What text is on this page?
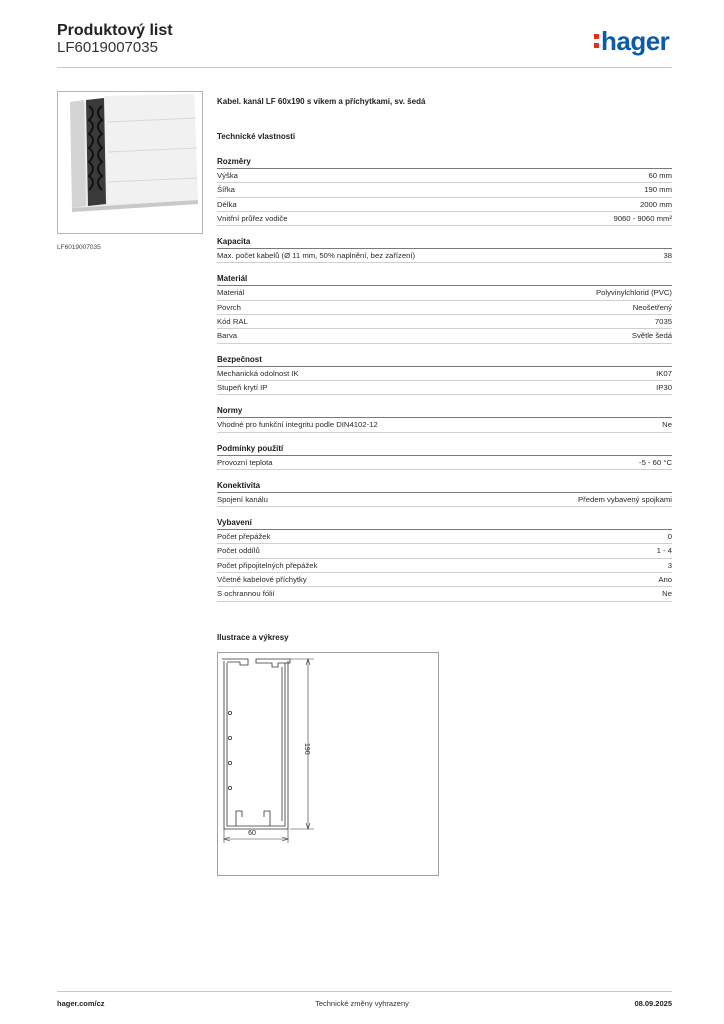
Produktový list
LF6019007035	hager
LF6019007035
Kabel. kanál LF 60x190 s víkem a příchytkami, sv. šedá
Technické vlastnosti
Rozměry
Výška	60 mm
Šířka	190 mm
Délka	2000 mm
Vnitřní průřez vodiče	9060 - 9060 mm²
Kapacita
Max. počet kabelů (Ø 11 mm, 50% naplnění, bez zařízení)	38
Materiál
Materiál	Polyvinylchlorid (PVC)
Povrch	Neošetřený
Kód RAL	7035
Barva	Světle šedá
Bezpečnost
Mechanická odolnost IK	IK07
Stupeň krytí IP	IP30
Normy
Vhodné pro funkční integritu podle DIN4102-12	Ne
Podmínky použití
Provozní teplota	-5 - 60 °C
Konektivita
Spojení kanálu	Předem vybavený spojkami
Vybavení
Počet přepážek	0
Počet oddílů	1 - 4
Počet připojitelných přepážek	3
Včetně kabelové příchytky	Ano
S ochrannou fólií	Ne
Ilustrace a výkresy
190
60
hager.com/cz	Technické změny vyhrazeny	08.09.2025
